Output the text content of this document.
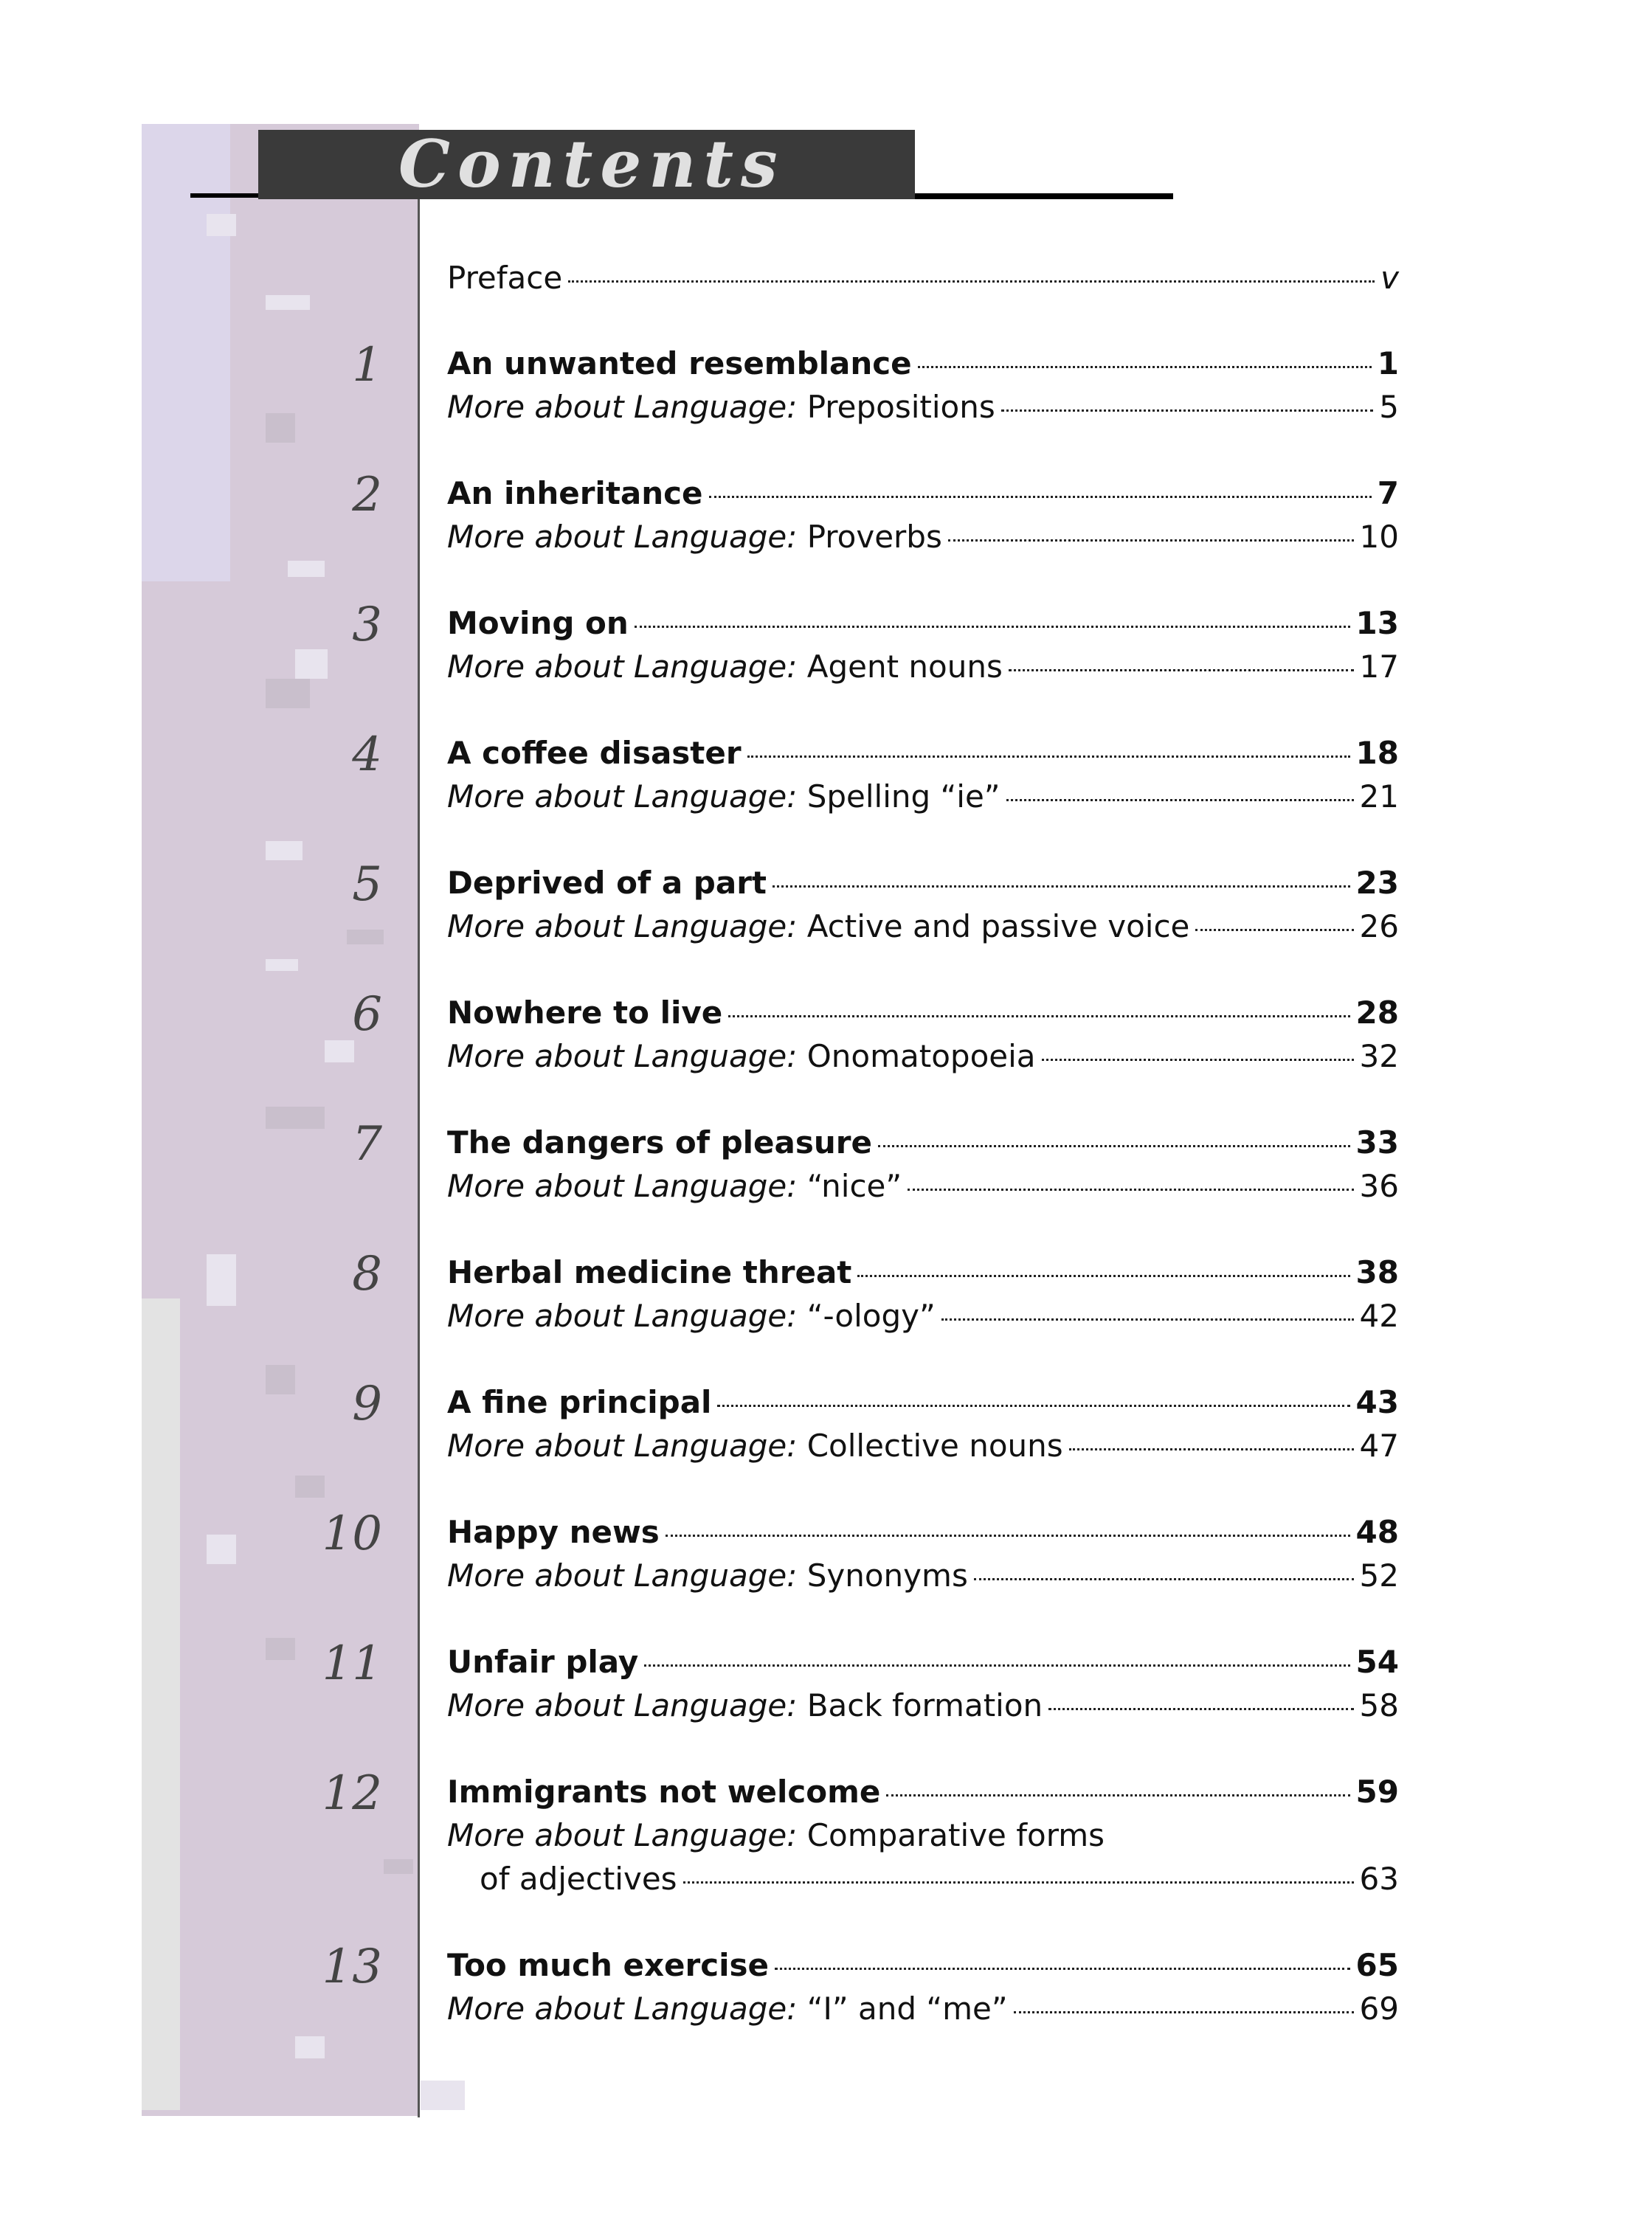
Contents
Preface	v
1 An unwanted resemblance	1
More about Language: Prepositions	5
2 An inheritance	7
More about Language: Proverbs	10
3 Moving on	13
More about Language: Agent nouns	17
4 A coffee disaster	18
More about Language: Spelling “ie”	21
5 Deprived of a part	23
More about Language: Active and passive voice	26
6 Nowhere to live	28
More about Language: Onomatopoeia	32
7 The dangers of pleasure	33
More about Language: “nice”	36
8 Herbal medicine threat	38
More about Language: “-ology”	42
9 A fine principal	43
More about Language: Collective nouns	47
10 Happy news	48
More about Language: Synonyms	52
11 Unfair play	54
More about Language: Back formation	58
12 Immigrants not welcome	59
More about Language: Comparative forms
of adjectives	63
13 Too much exercise	65
More about Language: “I” and “me”	69
